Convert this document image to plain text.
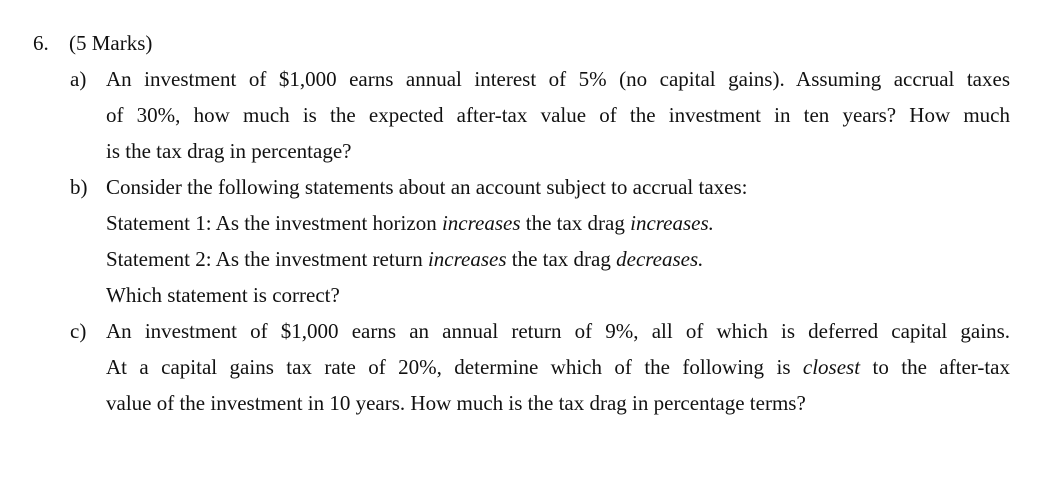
6. (5 Marks)
a) An investment of $1,000 earns annual interest of 5% (no capital gains). Assuming accrual taxes
of 30%, how much is the expected after-tax value of the investment in ten years? How much
is the tax drag in percentage?
b) Consider the following statements about an account subject to accrual taxes:
Statement 1: As the investment horizon increases the tax drag increases.
Statement 2: As the investment return increases the tax drag decreases.
Which statement is correct?
c) An investment of $1,000 earns an annual return of 9%, all of which is deferred capital gains.
At a capital gains tax rate of 20%, determine which of the following is closest to the after-tax
value of the investment in 10 years. How much is the tax drag in percentage terms?
